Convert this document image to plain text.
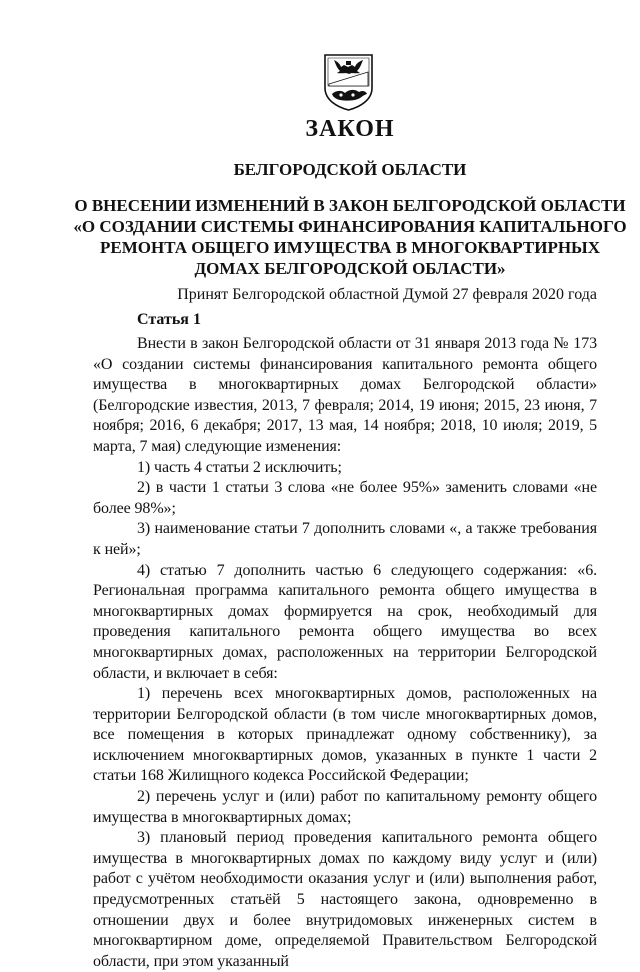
ЗАКОН
БЕЛГОРОДСКОЙ ОБЛАСТИ
О ВНЕСЕНИИ ИЗМЕНЕНИЙ В ЗАКОН БЕЛГОРОДСКОЙ ОБЛАСТИ
«О СОЗДАНИИ СИСТЕМЫ ФИНАНСИРОВАНИЯ КАПИТАЛЬНОГО
РЕМОНТА ОБЩЕГО ИМУЩЕСТВА В МНОГОКВАРТИРНЫХ
ДОМАХ БЕЛГОРОДСКОЙ ОБЛАСТИ»
Принят Белгородской областной Думой 27 февраля 2020 года
Статья 1

Внести в закон Белгородской области от 31 января 2013 года № 173 «О создании системы финансирования капитального ремонта общего имущества в многоквартирных домах Белгородской области» (Белгородские известия, 2013, 7 февраля; 2014, 19 июня; 2015, 23 июня, 7 ноября; 2016, 6 декабря; 2017, 13 мая, 14 ноября; 2018, 10 июля; 2019, 5 марта, 7 мая) следующие изменения:

1) часть 4 статьи 2 исключить;

2) в части 1 статьи 3 слова «не более 95%» заменить словами «не более 98%»;

3) наименование статьи 7 дополнить словами «, а также требования к ней»;

4) статью 7 дополнить частью 6 следующего содержания: «6. Региональная программа капитального ремонта общего имущества в многоквартирных домах формируется на срок, необходимый для проведения капитального ремонта общего имущества во всех многоквартирных домах, расположенных на территории Белгородской области, и включает в себя:

1) перечень всех многоквартирных домов, расположенных на территории Белгородской области (в том числе многоквартирных домов, все помещения в которых принадлежат одному собственнику), за исключением многоквартирных домов, указанных в пункте 1 части 2 статьи 168 Жилищного кодекса Российской Федерации;

2) перечень услуг и (или) работ по капитальному ремонту общего имущества в многоквартирных домах;

3) плановый период проведения капитального ремонта общего имущества в многоквартирных домах по каждому виду услуг и (или) работ с учётом необходимости оказания услуг и (или) выполнения работ, предусмотренных статьёй 5 настоящего закона, одновременно в отношении двух и более внутридомовых инженерных систем в многоквартирном доме, определяемой Правительством Белгородской области, при этом указанный
